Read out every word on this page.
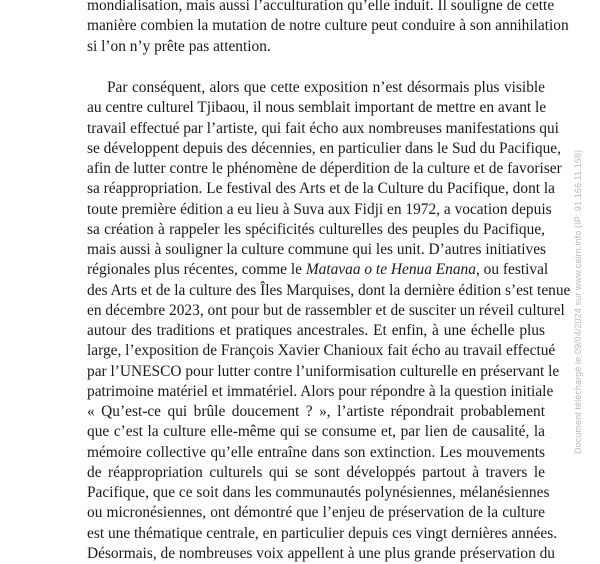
mondialisation, mais aussi l’acculturation qu’elle induit. Il souligne de cette
manière combien la mutation de notre culture peut conduire à son annihilation
si l’on n’y prête pas attention.
Par conséquent, alors que cette exposition n’est désormais plus visible
au centre culturel Tjibaou, il nous semblait important de mettre en avant le
travail effectué par l’artiste, qui fait écho aux nombreuses manifestations qui
se développent depuis des décennies, en particulier dans le Sud du Pacifique,
afin de lutter contre le phénomène de déperdition de la culture et de favoriser
sa réappropriation. Le festival des Arts et de la Culture du Pacifique, dont la
toute première édition a eu lieu à Suva aux Fidji en 1972, a vocation depuis
sa création à rappeler les spécificités culturelles des peuples du Pacifique,
mais aussi à souligner la culture commune qui les unit. D’autres initiatives
régionales plus récentes, comme le Matavaa o te Henua Enana, ou festival
des Arts et de la culture des Îles Marquises, dont la dernière édition s’est tenue
en décembre 2023, ont pour but de rassembler et de susciter un réveil culturel
autour des traditions et pratiques ancestrales. Et enfin, à une échelle plus
large, l’exposition de François Xavier Chanioux fait écho au travail effectué
par l’UNESCO pour lutter contre l’uniformisation culturelle en préservant le
patrimoine matériel et immatériel. Alors pour répondre à la question initiale
« Qu’est-ce qui brûle doucement ? », l’artiste répondrait probablement
que c’est la culture elle-même qui se consume et, par lien de causalité, la
mémoire collective qu’elle entraîne dans son extinction. Les mouvements
de réappropriation culturels qui se sont développés partout à travers le
Pacifique, que ce soit dans les communautés polynésiennes, mélanésiennes
ou micronésiennes, ont démontré que l’enjeu de préservation de la culture
est une thématique centrale, en particulier depuis ces vingt dernières années.
Désormais, de nombreuses voix appellent à une plus grande préservation du
Document téléchargé le 09/04/2024 sur www.cairn.info (IP: 91.166.11.158)
